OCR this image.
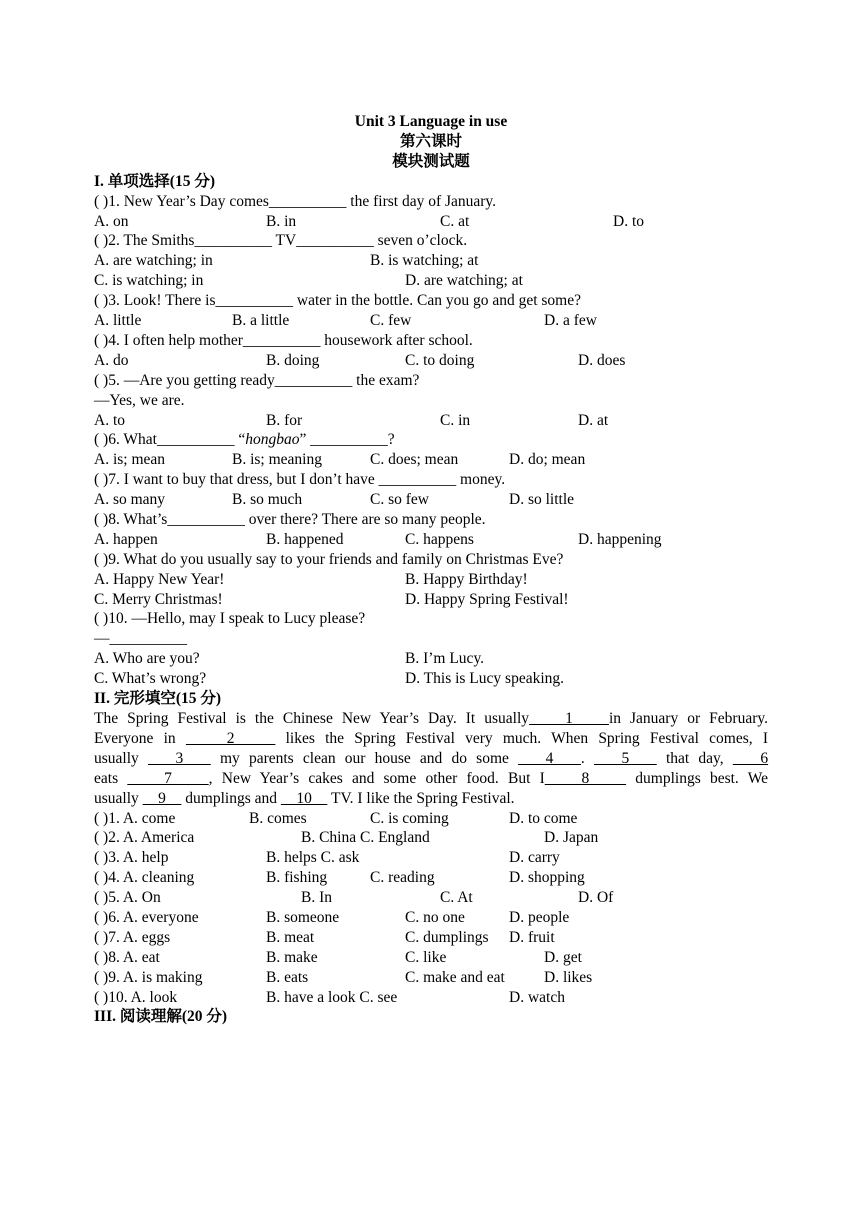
Unit 3 Language in use
第六课时
模块测试题
I. 单项选择(15 分)
( )1. New Year’s Day comes__________ the first day of January.
A. on	B. in	C. at	D. to
( )2. The Smiths__________ TV__________ seven o’clock.
A. are watching; in	B. is watching; at
C. is watching; in	D. are watching; at
( )3. Look! There is__________ water in the bottle. Can you go and get some?
A. little	B. a little	C. few	D. a few
( )4. I often help mother__________ housework after school.
A. do	B. doing	C. to doing	D. does
( )5. —Are you getting ready__________ the exam?
—Yes, we are.
A. to	B. for	C. in	D. at
( )6. What__________ “hongbao” __________?
A. is; mean	B. is; meaning	C. does; mean	D. do; mean
( )7. I want to buy that dress, but I don’t have __________ money.
A. so many	B. so much	C. so few	D. so little
( )8. What’s__________ over there? There are so many people.
A. happen	B. happened	C. happens	D. happening
( )9. What do you usually say to your friends and family on Christmas Eve?
A. Happy New Year!	B. Happy Birthday!
C. Merry Christmas!	D. Happy Spring Festival!
( )10. —Hello, may I speak to Lucy please?
—__________
A. Who are you?	B. I’m Lucy.
C. What’s wrong?	D. This is Lucy speaking.
II. 完形填空(15 分)
The Spring Festival is the Chinese New Year’s Day. It usually    1    in January or February.
Everyone in     2     likes the Spring Festival very much. When Spring Festival comes, I
usually    3    my parents clean our house and do some    4   .    5    that day,    6
eats     7    , New Year’s cakes and some other food. But I    8     dumplings best. We
usually     9     dumplings and     10     TV. I like the Spring Festival.
( )1. A. come	B. comes	C. is coming	D. to come
( )2. A. America	B. China C. England	D. Japan
( )3. A. help	B. helps C. ask	D. carry
( )4. A. cleaning	B. fishing	C. reading	D. shopping
( )5. A. On	B. In	C. At	D. Of
( )6. A. everyone	B. someone	C. no one	D. people
( )7. A. eggs	B. meat	C. dumplings D. fruit
( )8. A. eat	B. make	C. like	D. get
( )9. A. is making	B. eats	C. make and eat	D. likes
( )10. A. look	B. have a look C. see	D. watch
III. 阅读理解(20 分)
